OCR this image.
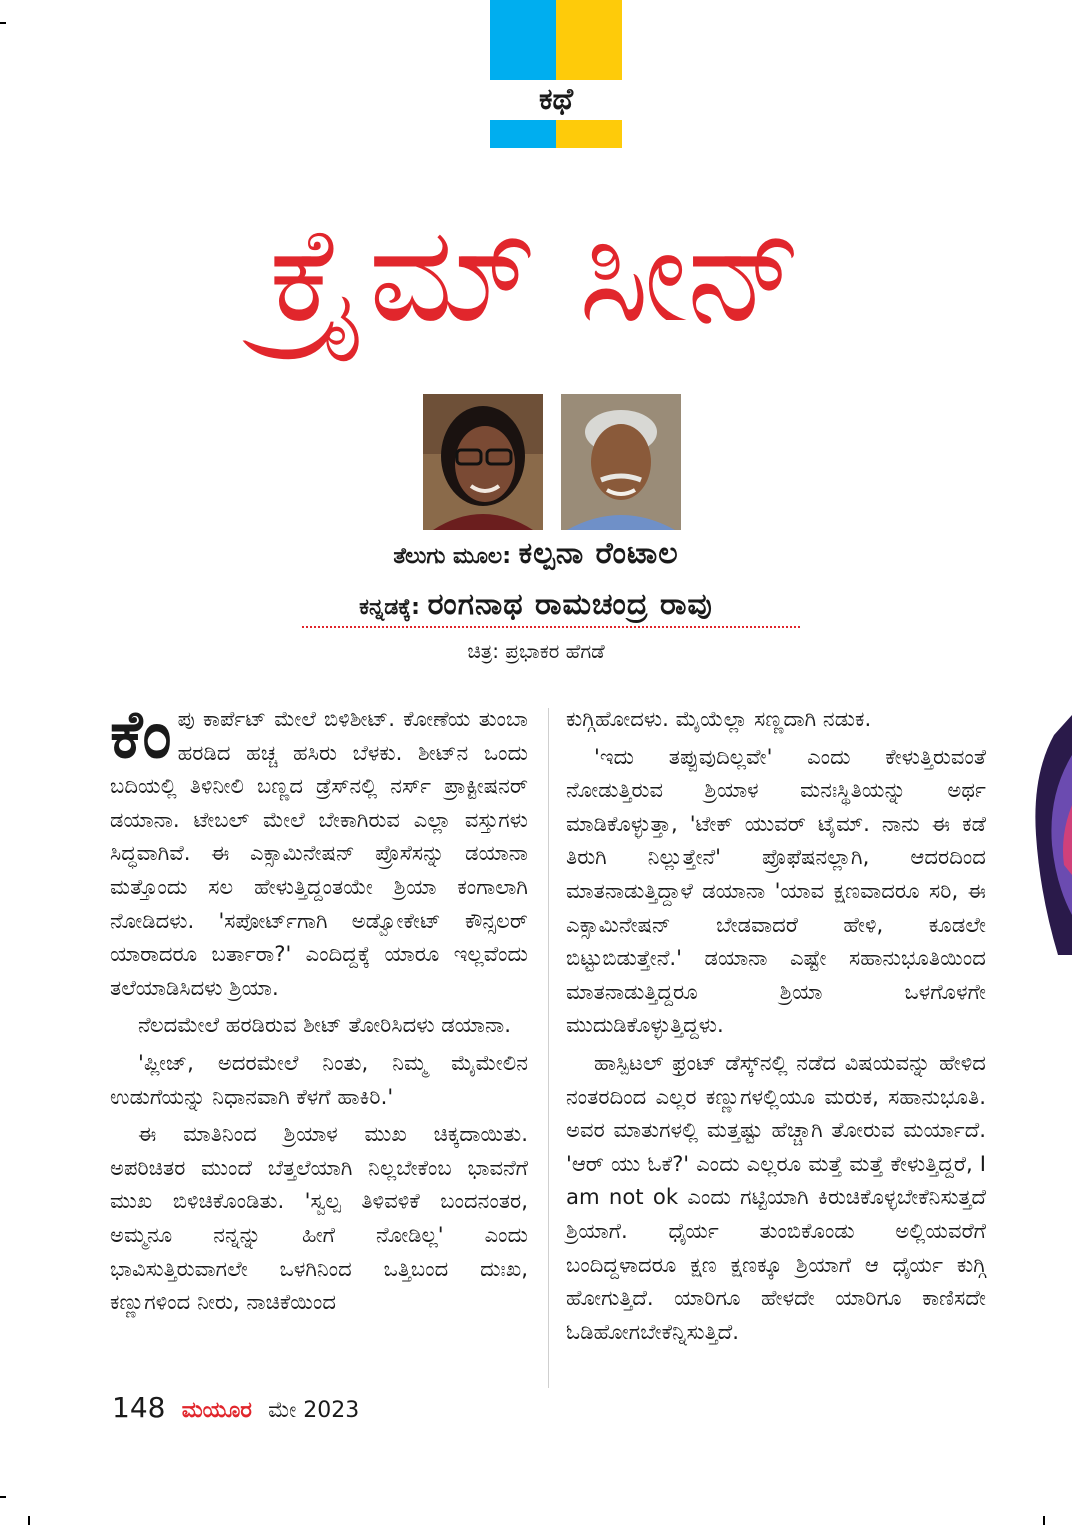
ಕಥೆ
ಕ್ರೈಮ್ ಸೀನ್
ತೆಲುಗು ಮೂಲ: ಕಲ್ಪನಾ ರೆಂಟಾಲ
ಕನ್ನಡಕ್ಕೆ: ರಂಗನಾಥ ರಾಮಚಂದ್ರ ರಾವು
ಚಿತ್ರ: ಪ್ರಭಾಕರ ಹೆಗಡೆ

ಕೆಂಪು ಕಾರ್ಪೆಟ್ ಮೇಲೆ ಬಿಳಿಶೀಟ್. ಕೋಣೆಯ ತುಂಬಾ ಹರಡಿದ ಹಚ್ಚ ಹಸಿರು ಬೆಳಕು. ಶೀಟ್‌ನ ಒಂದು ಬದಿಯಲ್ಲಿ ತಿಳಿನೀಲಿ ಬಣ್ಣದ ಡ್ರೆಸ್‌ನಲ್ಲಿ ನರ್ಸ್ ಪ್ರಾಕ್ಟೀಷನರ್ ಡಯಾನಾ. ಟೇಬಲ್ ಮೇಲೆ ಬೇಕಾಗಿರುವ ಎಲ್ಲಾ ವಸ್ತುಗಳು ಸಿದ್ಧವಾಗಿವೆ. ಈ ಎಕ್ಸಾಮಿನೇಷನ್ ಪ್ರೊಸೆಸನ್ನು ಡಯಾನಾ ಮತ್ತೊಂದು ಸಲ ಹೇಳುತ್ತಿದ್ದಂತಯೇ ಶ್ರಿಯಾ ಕಂಗಾಲಾಗಿ ನೋಡಿದಳು. 'ಸಪೋರ್ಟ್‌ಗಾಗಿ ಅಡ್ವೋಕೇಟ್ ಕೌನ್ಸಲರ್ ಯಾರಾದರೂ ಬರ್ತಾರಾ?' ಎಂದಿದ್ದಕ್ಕೆ ಯಾರೂ ಇಲ್ಲವೆಂದು ತಲೆಯಾಡಿಸಿದಳು ಶ್ರಿಯಾ.

ನೆಲದಮೇಲೆ ಹರಡಿರುವ ಶೀಟ್ ತೋರಿಸಿದಳು ಡಯಾನಾ.

'ಪ್ಲೀಜ್, ಅದರಮೇಲೆ ನಿಂತು, ನಿಮ್ಮ ಮೈಮೇಲಿನ ಉಡುಗೆಯನ್ನು ನಿಧಾನವಾಗಿ ಕೆಳಗೆ ಹಾಕಿರಿ.'

ಈ ಮಾತಿನಿಂದ ಶ್ರಿಯಾಳ ಮುಖ ಚಿಕ್ಕದಾಯಿತು. ಅಪರಿಚಿತರ ಮುಂದೆ ಬೆತ್ತಲೆಯಾಗಿ ನಿಲ್ಲಬೇಕೆಂಬ ಭಾವನೆಗೆ ಮುಖ ಬಿಳಿಚಿಕೊಂಡಿತು. 'ಸ್ವಲ್ಪ ತಿಳಿವಳಿಕೆ ಬಂದನಂತರ, ಅಮ್ಮನೂ ನನ್ನನ್ನು ಹೀಗೆ ನೋಡಿಲ್ಲ' ಎಂದು ಭಾವಿಸುತ್ತಿರುವಾಗಲೇ ಒಳಗಿನಿಂದ ಒತ್ತಿಬಂದ ದುಃಖ, ಕಣ್ಣುಗಳಿಂದ ನೀರು, ನಾಚಿಕೆಯಿಂದ

ಕುಗ್ಗಿಹೋದಳು. ಮೈಯೆಲ್ಲಾ ಸಣ್ಣದಾಗಿ ನಡುಕ.

'ಇದು ತಪ್ಪುವುದಿಲ್ಲವೇ' ಎಂದು ಕೇಳುತ್ತಿರುವಂತೆ ನೋಡುತ್ತಿರುವ ಶ್ರಿಯಾಳ ಮನಃಸ್ಥಿತಿಯನ್ನು ಅರ್ಥ ಮಾಡಿಕೊಳ್ಳುತ್ತಾ, 'ಟೇಕ್ ಯುವರ್ ಟೈಮ್. ನಾನು ಈ ಕಡೆ ತಿರುಗಿ ನಿಲ್ಲುತ್ತೇನೆ' ಪ್ರೊಫೆಷನಲ್ಲಾಗಿ, ಆದರದಿಂದ ಮಾತನಾಡುತ್ತಿದ್ದಾಳೆ ಡಯಾನಾ 'ಯಾವ ಕ್ಷಣವಾದರೂ ಸರಿ, ಈ ಎಕ್ಸಾಮಿನೇಷನ್ ಬೇಡವಾದರೆ ಹೇಳಿ, ಕೂಡಲೇ ಬಿಟ್ಟುಬಿಡುತ್ತೇನೆ.' ಡಯಾನಾ ಎಷ್ಟೇ ಸಹಾನುಭೂತಿಯಿಂದ ಮಾತನಾಡುತ್ತಿದ್ದರೂ ಶ್ರಿಯಾ ಒಳಗೊಳಗೇ ಮುದುಡಿಕೊಳ್ಳುತ್ತಿದ್ದಳು.

ಹಾಸ್ಪಿಟಲ್ ಫ್ರಂಟ್ ಡೆಸ್ಕ್‌ನಲ್ಲಿ ನಡೆದ ವಿಷಯವನ್ನು ಹೇಳಿದ ನಂತರದಿಂದ ಎಲ್ಲರ ಕಣ್ಣುಗಳಲ್ಲಿಯೂ ಮರುಕ, ಸಹಾನುಭೂತಿ. ಅವರ ಮಾತುಗಳಲ್ಲಿ ಮತ್ತಷ್ಟು ಹೆಚ್ಚಾಗಿ ತೋರುವ ಮರ್ಯಾದೆ. 'ಆರ್ ಯು ಓಕೆ?' ಎಂದು ಎಲ್ಲರೂ ಮತ್ತೆ ಮತ್ತೆ ಕೇಳುತ್ತಿದ್ದರೆ, I am not ok ಎಂದು ಗಟ್ಟಿಯಾಗಿ ಕಿರುಚಿಕೊಳ್ಳಬೇಕೆನಿಸುತ್ತದೆ ಶ್ರಿಯಾಗೆ. ಧೈರ್ಯ ತುಂಬಿಕೊಂಡು ಅಲ್ಲಿಯವರೆಗೆ ಬಂದಿದ್ದಳಾದರೂ ಕ್ಷಣ ಕ್ಷಣಕ್ಕೂ ಶ್ರಿಯಾಗೆ ಆ ಧೈರ್ಯ ಕುಗ್ಗಿ ಹೋಗುತ್ತಿದೆ. ಯಾರಿಗೂ ಹೇಳದೇ ಯಾರಿಗೂ ಕಾಣಿಸದೇ ಓಡಿಹೋಗಬೇಕೆನ್ನಿಸುತ್ತಿದೆ.

148 ಮಯೂರ ಮೇ 2023
